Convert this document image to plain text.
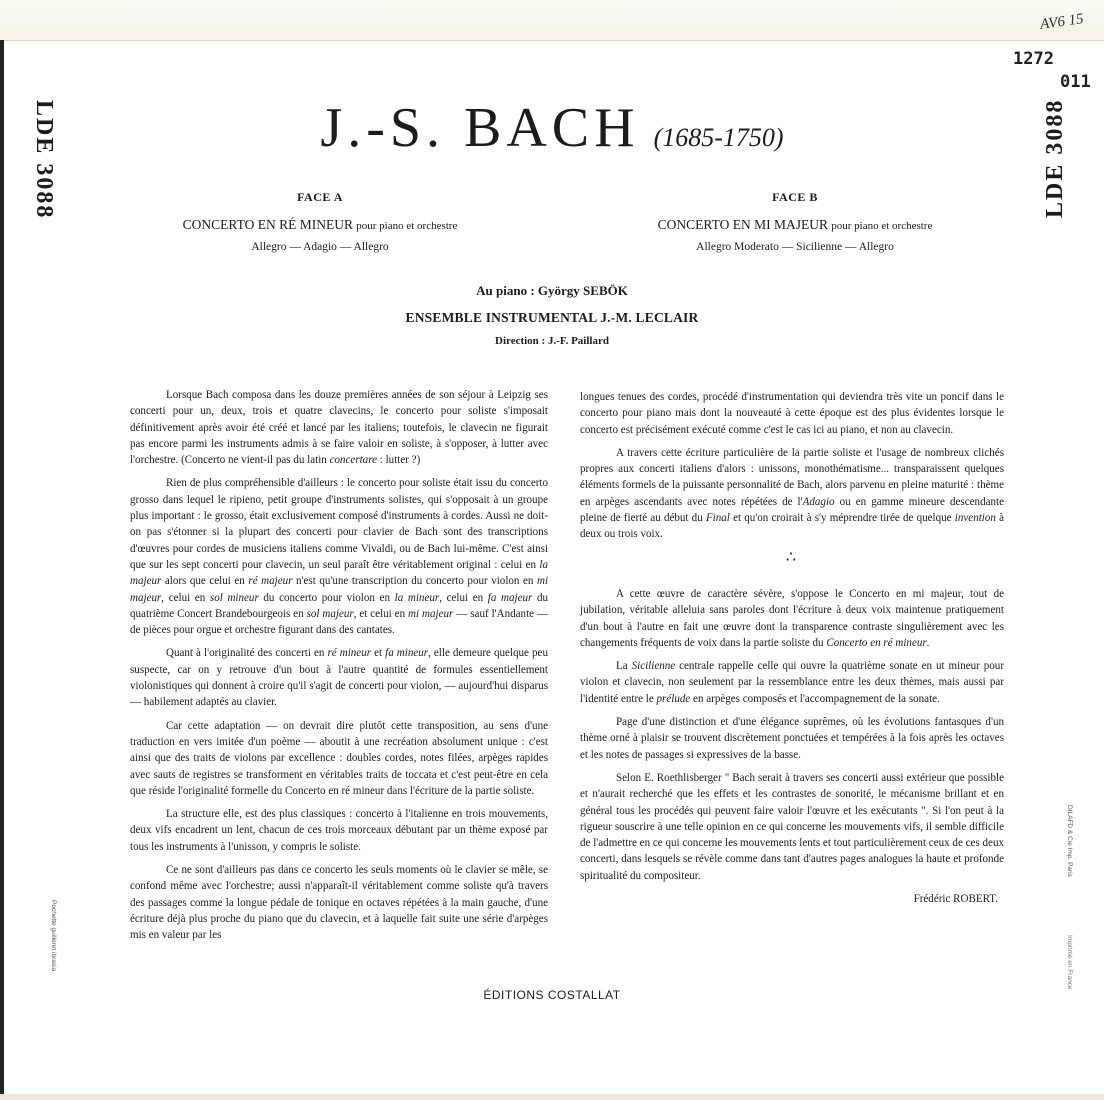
AV6 15
1272
011
LDE 3088	LDE 3088
J.-S. BACH (1685-1750)
FACE A
CONCERTO EN RÉ MINEUR pour piano et orchestre
Allegro — Adagio — Allegro
FACE B
CONCERTO EN MI MAJEUR pour piano et orchestre
Allegro Moderato — Sicilienne — Allegro
Au piano : György SEBÖK
ENSEMBLE INSTRUMENTAL J.-M. LECLAIR
Direction : J.-F. Paillard

Lorsque Bach composa dans les douze premières années de son séjour à Leipzig ses concerti pour un, deux, trois et quatre clavecins, le concerto pour soliste s'imposait définitivement après avoir été créé et lancé par les italiens; toutefois, le clavecin ne figurait pas encore parmi les instruments admis à se faire valoir en soliste, à s'opposer, à lutter avec l'orchestre. (Concerto ne vient-il pas du latin concertare : lutter ?)

Rien de plus compréhensible d'ailleurs : le concerto pour soliste était issu du concerto grosso dans lequel le ripieno, petit groupe d'instruments solistes, qui s'opposait à un groupe plus important : le grosso, était exclusivement composé d'instruments à cordes. Aussi ne doit-on pas s'étonner si la plupart des concerti pour clavier de Bach sont des transcriptions d'œuvres pour cordes de musiciens italiens comme Vivaldi, ou de Bach lui-même. C'est ainsi que sur les sept concerti pour clavecin, un seul paraît être véritablement original : celui en la majeur alors que celui en ré majeur n'est qu'une transcription du concerto pour violon en mi majeur, celui en sol mineur du concerto pour violon en la mineur, celui en fa majeur du quatrième Concert Brandebourgeois en sol majeur, et celui en mi majeur — sauf l'Andante — de pièces pour orgue et orchestre figurant dans des cantates.

Quant à l'originalité des concerti en ré mineur et fa mineur, elle demeure quelque peu suspecte, car on y retrouve d'un bout à l'autre quantité de formules essentiellement violonistiques qui donnent à croire qu'il s'agit de concerti pour violon, — aujourd'hui disparus — habilement adaptés au clavier.

Car cette adaptation — on devrait dire plutôt cette transposition, au sens d'une traduction en vers imitée d'un poème — aboutit à une recréation absolument unique : c'est ainsi que des traits de violons par excellence : doubles cordes, notes filées, arpèges rapides avec sauts de registres se transforment en véritables traits de toccata et c'est peut-être en cela que réside l'originalité formelle du Concerto en ré mineur dans l'écriture de la partie soliste.

La structure elle, est des plus classiques : concerto à l'italienne en trois mouvements, deux vifs encadrent un lent, chacun de ces trois morceaux débutant par un thème exposé par tous les instruments à l'unisson, y compris le soliste.

Ce ne sont d'ailleurs pas dans ce concerto les seuls moments où le clavier se mêle, se confond même avec l'orchestre; aussi n'apparaît-il véritablement comme soliste qu'à travers des passages comme la longue pédale de tonique en octaves répétées à la main gauche, d'une écriture déjà plus proche du piano que du clavecin, et à laquelle fait suite une série d'arpèges mis en valeur par les

longues tenues des cordes, procédé d'instrumentation qui deviendra très vite un poncif dans le concerto pour piano mais dont la nouveauté à cette époque est des plus évidentes lorsque le concerto est précisément exécuté comme c'est le cas ici au piano, et non au clavecin.

A travers cette écriture particulière de la partie soliste et l'usage de nombreux clichés propres aux concerti italiens d'alors : unissons, monothématisme... transparaissent quelques éléments formels de la puissante personnalité de Bach, alors parvenu en pleine maturité : thème en arpèges ascendants avec notes répétées de l'Adagio ou en gamme mineure descendante pleine de fierté au début du Final et qu'on croirait à s'y méprendre tirée de quelque invention à deux ou trois voix.

∴

A cette œuvre de caractère sévère, s'oppose le Concerto en mi majeur, tout de jubilation, véritable alleluia sans paroles dont l'écriture à deux voix maintenue pratiquement d'un bout à l'autre en fait une œuvre dont la transparence contraste singulièrement avec les changements fréquents de voix dans la partie soliste du Concerto en ré mineur.

La Sicilienne centrale rappelle celle qui ouvre la quatrième sonate en ut mineur pour violon et clavecin, non seulement par la ressemblance entre les deux thèmes, mais aussi par l'identité entre le prélude en arpèges composés et l'accompagnement de la sonate.

Page d'une distinction et d'une élégance suprêmes, où les évolutions fantasques d'un thème orné à plaisir se trouvent discrètement ponctuées et tempérées à la fois après les octaves et les notes de passages si expressives de la basse.

Selon E. Roethlisberger " Bach serait à travers ses concerti aussi extérieur que possible et n'aurait recherché que les effets et les contrastes de sonorité, le mécanisme brillant et en général tous les procédés qui peuvent faire valoir l'œuvre et les exécutants ". Si l'on peut à la rigueur souscrire à une telle opinion en ce qui concerne les mouvements vifs, il semble difficile de l'admettre en ce qui concerne les mouvements lents et tout particulièrement ceux de ces deux concerti, dans lesquels se révèle comme dans tant d'autres pages analogues la haute et profonde spiritualité du compositeur.

Frédéric ROBERT.
ÉDITIONS COSTALLAT
Pochette guilleret ibrasia
DILAFD & Cie Imp. Paris
Imprimé en France
